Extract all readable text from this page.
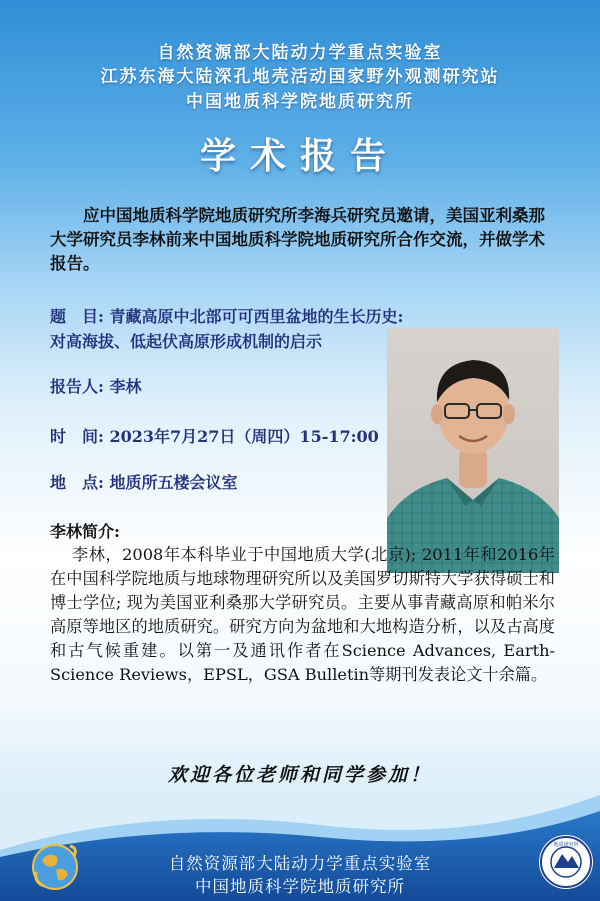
自然资源部大陆动力学重点实验室
江苏东海大陆深孔地壳活动国家野外观测研究站
中国地质科学院地质研究所
学术报告
应中国地质科学院地质研究所李海兵研究员邀请，美国亚利桑那大学研究员李林前来中国地质科学院地质研究所合作交流，并做学术报告。
题　目: 青藏高原中北部可可西里盆地的生长历史:
对高海拔、低起伏高原形成机制的启示
报告人: 李林
时　间: 2023年7月27日（周四）15-17:00
地　点: 地质所五楼会议室
李林简介:
李林，2008年本科毕业于中国地质大学(北京); 2011年和2016年在中国科学院地质与地球物理研究所以及美国罗切斯特大学获得硕士和博士学位; 现为美国亚利桑那大学研究员。主要从事青藏高原和帕米尔高原等地区的地质研究。研究方向为盆地和大地构造分析，以及古高度和古气候重建。以第一及通讯作者在Science Advances, Earth-Science Reviews，EPSL，GSA Bulletin等期刊发表论文十余篇。
欢迎各位老师和同学参加！
自然资源部大陆动力学重点实验室
中国地质科学院地质研究所
地质研究所
